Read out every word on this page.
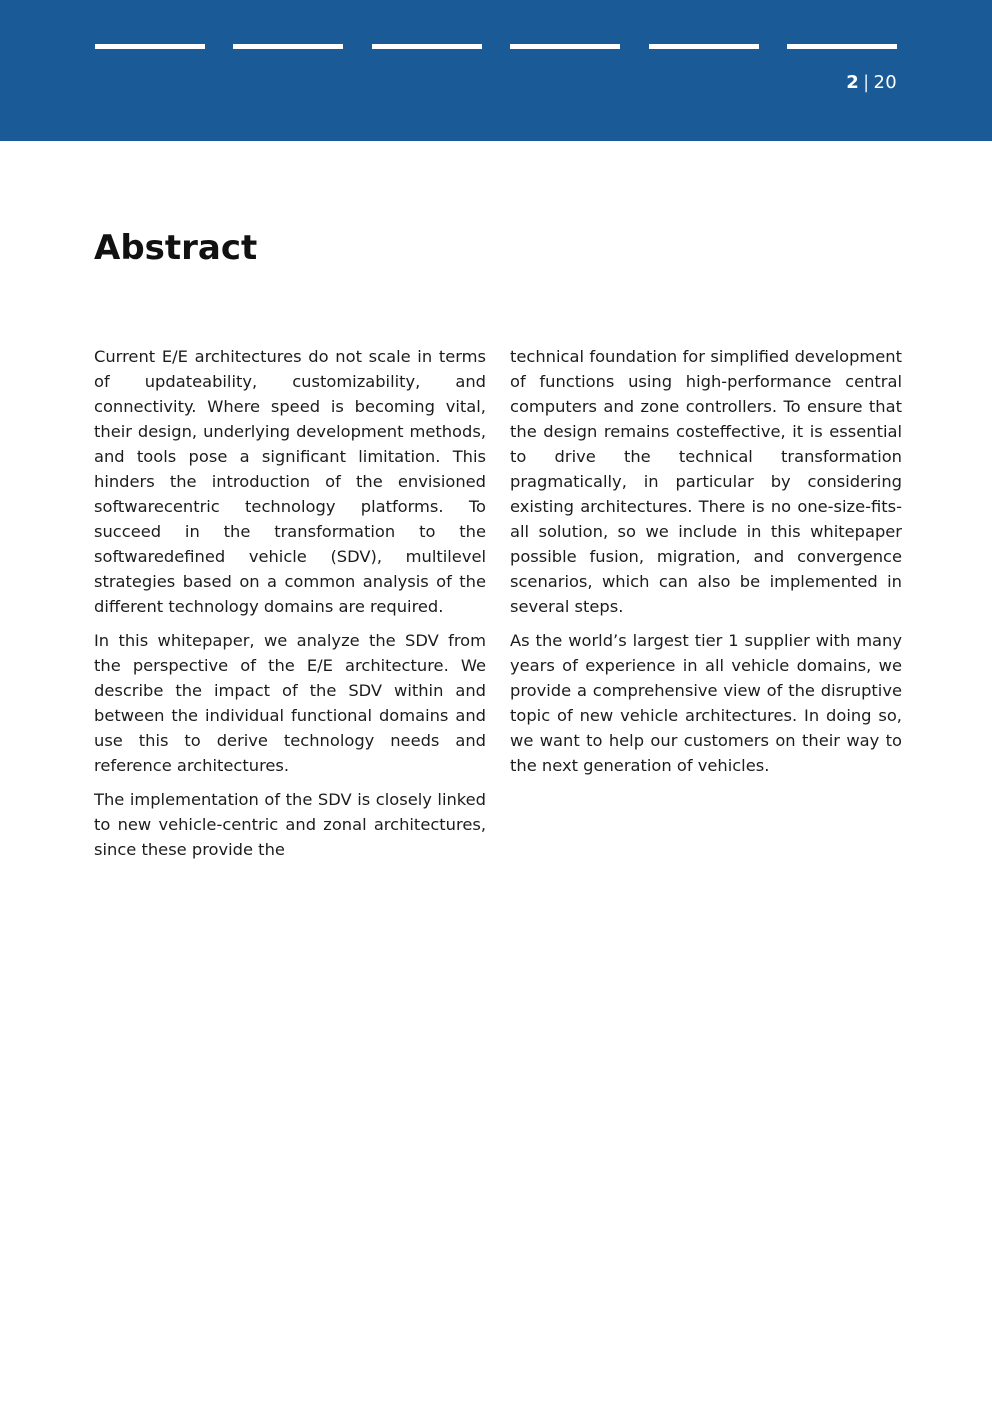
2 | 20
Abstract

Current E/E architectures do not scale in terms of updateability, customizability, and connectivity. Where speed is becoming vital, their design, underlying development methods, and tools pose a significant limitation. This hinders the introduction of the envisioned softwarecentric technology platforms. To succeed in the transformation to the softwaredefined vehicle (SDV), multilevel strategies based on a common analysis of the different technology domains are required.

In this whitepaper, we analyze the SDV from the perspective of the E/E architecture. We describe the impact of the SDV within and between the individual functional domains and use this to derive technology needs and reference architectures.

The implementation of the SDV is closely linked to new vehicle-centric and zonal architectures, since these provide the

technical foundation for simplified development of functions using high-performance central computers and zone controllers. To ensure that the design remains costeffective, it is essential to drive the technical transformation pragmatically, in particular by considering existing architectures. There is no one-size-fits-all solution, so we include in this whitepaper possible fusion, migration, and convergence scenarios, which can also be implemented in several steps.

As the world’s largest tier 1 supplier with many years of experience in all vehicle domains, we provide a comprehensive view of the disruptive topic of new vehicle architectures. In doing so, we want to help our customers on their way to the next generation of vehicles.
